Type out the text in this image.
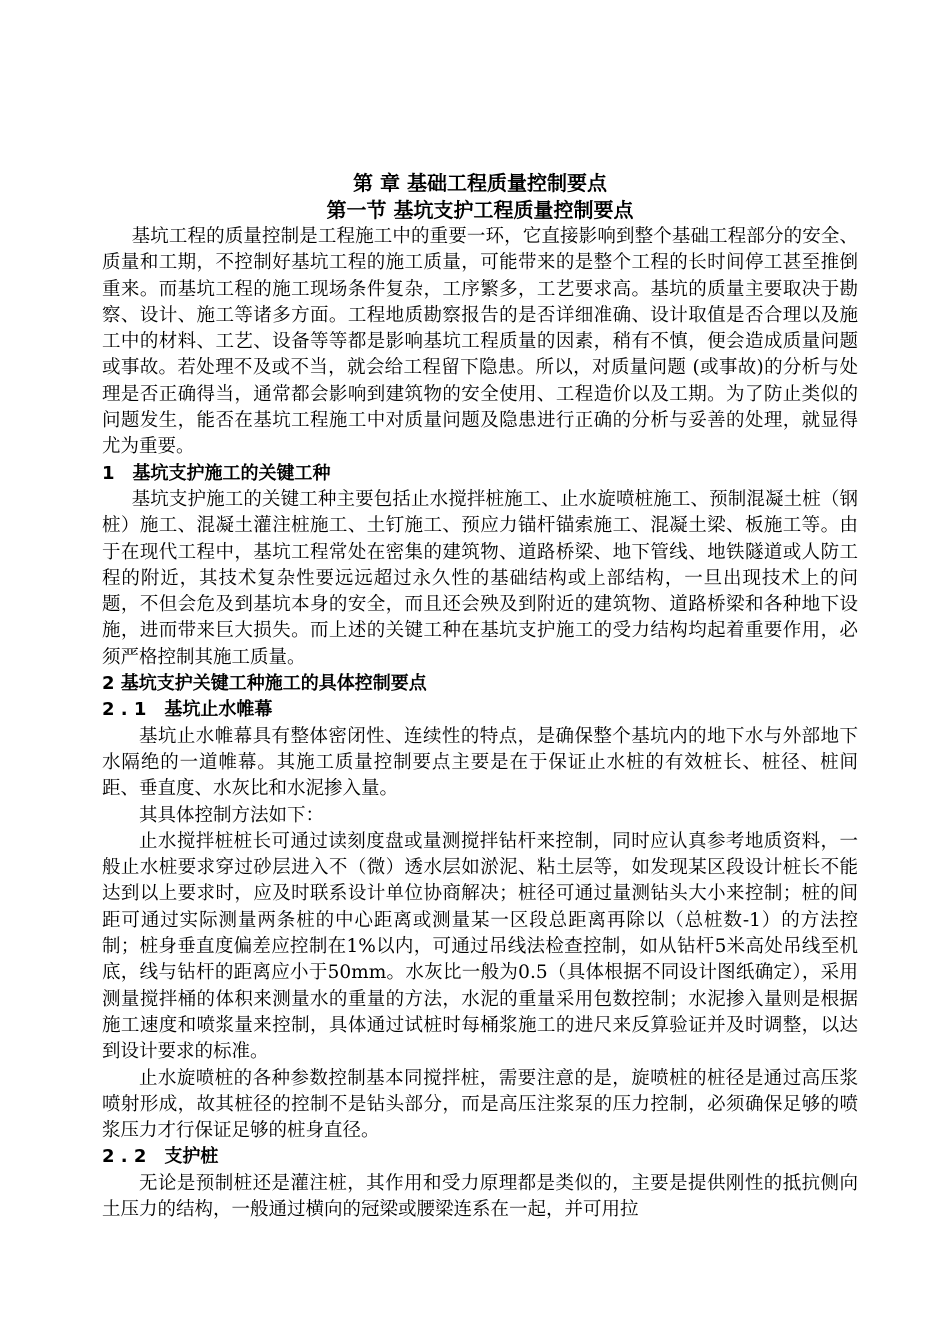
第 章 基础工程质量控制要点
第一节 基坑支护工程质量控制要点

基坑工程的质量控制是工程施工中的重要一环，它直接影响到整个基础工程部分的安全、质量和工期，不控制好基坑工程的施工质量，可能带来的是整个工程的长时间停工甚至推倒重来。而基坑工程的施工现场条件复杂，工序繁多，工艺要求高。基坑的质量主要取决于勘察、设计、施工等诸多方面。工程地质勘察报告的是否详细准确、设计取值是否合理以及施工中的材料、工艺、设备等等都是影响基坑工程质量的因素，稍有不慎，便会造成质量问题或事故。若处理不及或不当，就会给工程留下隐患。所以，对质量问题 (或事故)的分析与处理是否正确得当，通常都会影响到建筑物的安全使用、工程造价以及工期。为了防止类似的问题发生，能否在基坑工程施工中对质量问题及隐患进行正确的分析与妥善的处理，就显得尤为重要。

1　基坑支护施工的关键工种

基坑支护施工的关键工种主要包括止水搅拌桩施工、止水旋喷桩施工、预制混凝土桩（钢桩）施工、混凝土灌注桩施工、土钉施工、预应力锚杆锚索施工、混凝土梁、板施工等。由于在现代工程中，基坑工程常处在密集的建筑物、道路桥梁、地下管线、地铁隧道或人防工程的附近，其技术复杂性要远远超过永久性的基础结构或上部结构，一旦出现技术上的问题，不但会危及到基坑本身的安全，而且还会殃及到附近的建筑物、道路桥梁和各种地下设施，进而带来巨大损失。而上述的关键工种在基坑支护施工的受力结构均起着重要作用，必须严格控制其施工质量。

2 基坑支护关键工种施工的具体控制要点
2 . 1　基坑止水帷幕

基坑止水帷幕具有整体密闭性、连续性的特点，是确保整个基坑内的地下水与外部地下水隔绝的一道帷幕。其施工质量控制要点主要是在于保证止水桩的有效桩长、桩径、桩间距、垂直度、水灰比和水泥掺入量。

其具体控制方法如下：

止水搅拌桩桩长可通过读刻度盘或量测搅拌钻杆来控制，同时应认真参考地质资料，一般止水桩要求穿过砂层进入不（微）透水层如淤泥、粘土层等，如发现某区段设计桩长不能达到以上要求时，应及时联系设计单位协商解决；桩径可通过量测钻头大小来控制；桩的间距可通过实际测量两条桩的中心距离或测量某一区段总距离再除以（总桩数-1）的方法控制；桩身垂直度偏差应控制在1%以内，可通过吊线法检查控制，如从钻杆5米高处吊线至机底，线与钻杆的距离应小于50mm。水灰比一般为0.5（具体根据不同设计图纸确定），采用测量搅拌桶的体积来测量水的重量的方法，水泥的重量采用包数控制；水泥掺入量则是根据施工速度和喷浆量来控制，具体通过试桩时每桶浆施工的进尺来反算验证并及时调整，以达到设计要求的标准。

止水旋喷桩的各种参数控制基本同搅拌桩，需要注意的是，旋喷桩的桩径是通过高压浆喷射形成，故其桩径的控制不是钻头部分，而是高压注浆泵的压力控制，必须确保足够的喷浆压力才行保证足够的桩身直径。

2 . 2　支护桩

无论是预制桩还是灌注桩，其作用和受力原理都是类似的，主要是提供刚性的抵抗侧向土压力的结构，一般通过横向的冠梁或腰梁连系在一起，并可用拉
